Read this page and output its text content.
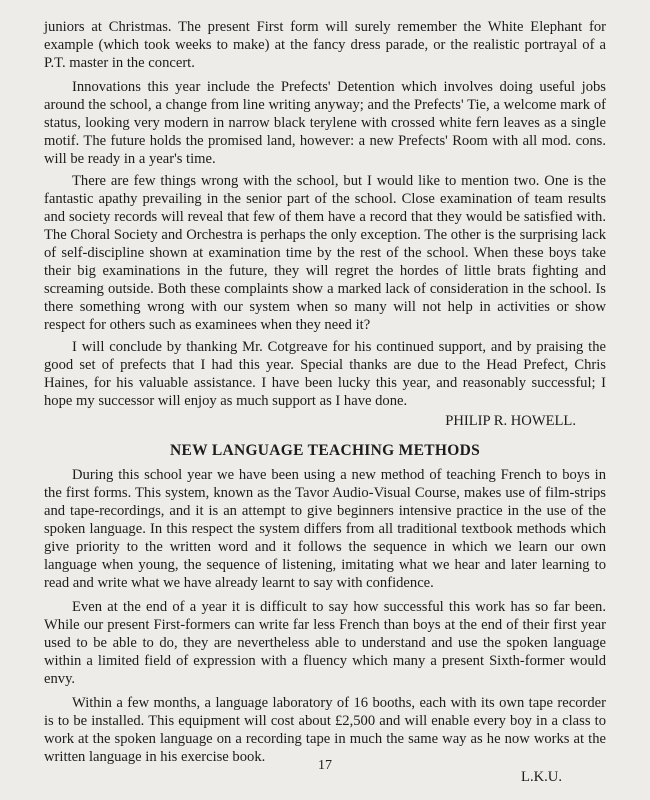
juniors at Christmas. The present First form will surely remember the White Elephant for example (which took weeks to make) at the fancy dress parade, or the realistic portrayal of a P.T. master in the concert.

Innovations this year include the Prefects' Detention which involves doing useful jobs around the school, a change from line writing anyway; and the Prefects' Tie, a welcome mark of status, looking very modern in narrow black terylene with crossed white fern leaves as a single motif. The future holds the promised land, however: a new Prefects' Room with all mod. cons. will be ready in a year's time.

There are few things wrong with the school, but I would like to mention two. One is the fantastic apathy prevailing in the senior part of the school. Close examination of team results and society records will reveal that few of them have a record that they would be satisfied with. The Choral Society and Orchestra is perhaps the only exception. The other is the surprising lack of self-discipline shown at examination time by the rest of the school. When these boys take their big examinations in the future, they will regret the hordes of little brats fighting and screaming outside. Both these complaints show a marked lack of consideration in the school. Is there something wrong with our system when so many will not help in activities or show respect for others such as examinees when they need it?

I will conclude by thanking Mr. Cotgreave for his continued support, and by praising the good set of prefects that I had this year. Special thanks are due to the Head Prefect, Chris Haines, for his valuable assistance. I have been lucky this year, and reasonably successful; I hope my successor will enjoy as much support as I have done.

PHILIP R. HOWELL.

NEW LANGUAGE TEACHING METHODS

During this school year we have been using a new method of teaching French to boys in the first forms. This system, known as the Tavor Audio-Visual Course, makes use of film-strips and tape-recordings, and it is an attempt to give beginners intensive practice in the use of the spoken language. In this respect the system differs from all traditional textbook methods which give priority to the written word and it follows the sequence in which we learn our own language when young, the sequence of listening, imitating what we hear and later learning to read and write what we have already learnt to say with confidence.

Even at the end of a year it is difficult to say how successful this work has so far been. While our present First-formers can write far less French than boys at the end of their first year used to be able to do, they are nevertheless able to understand and use the spoken language within a limited field of expression with a fluency which many a present Sixth-former would envy.

Within a few months, a language laboratory of 16 booths, each with its own tape recorder is to be installed. This equipment will cost about £2,500 and will enable every boy in a class to work at the spoken language on a recording tape in much the same way as he now works at the written language in his exercise book.

L.K.U.

17
